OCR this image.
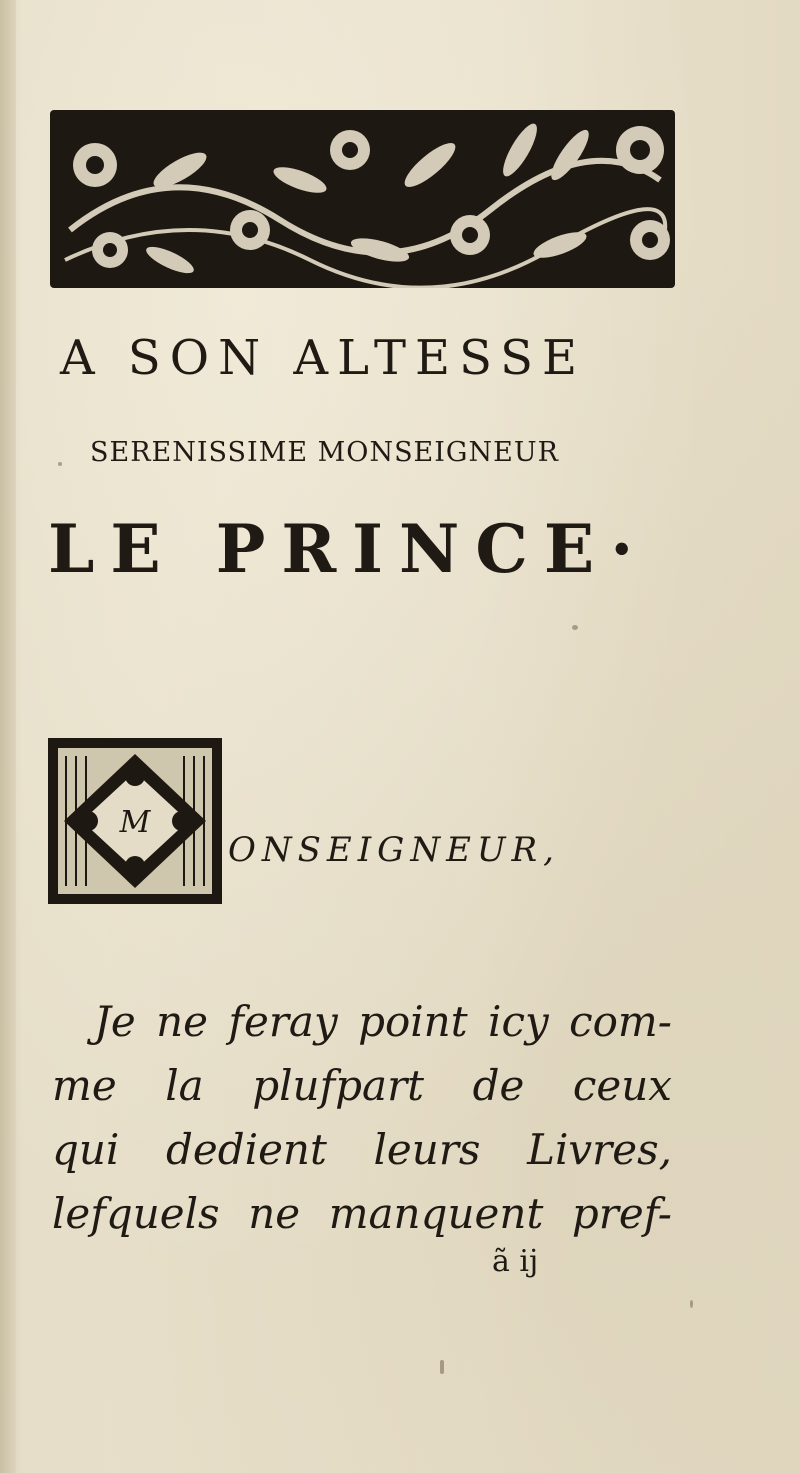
A SON ALTESSE
SERENISSIME MONSEIGNEUR
LE PRINCE·
M
ONSEIGNEUR,
Je ne feray point icy com-
me la plufpart de ceux
qui dedient leurs Livres,
lefquels ne manquent pref-
ã ij
